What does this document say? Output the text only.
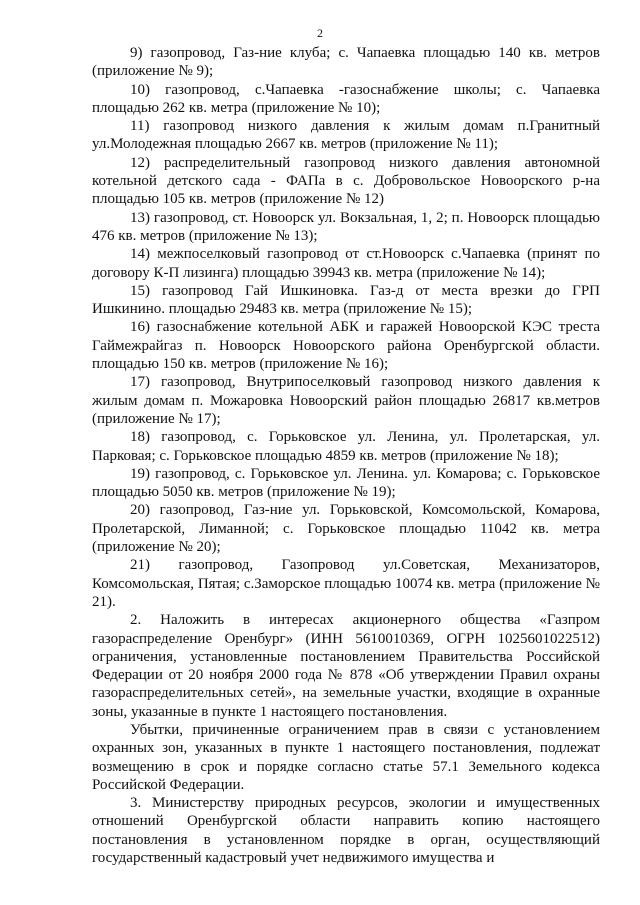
2

9) газопровод, Газ-ние клуба; с. Чапаевка площадью 140 кв. метров (приложение № 9);

10) газопровод, с.Чапаевка -газоснабжение школы; с. Чапаевка площадью 262 кв. метра (приложение № 10);

11) газопровод низкого давления к жилым домам п.Гранитный ул.Молодежная площадью 2667 кв. метров (приложение № 11);

12) распределительный газопровод низкого давления автономной котельной детского сада - ФАПа в с. Добровольское Новоорского р-на площадью 105 кв. метров (приложение № 12)

13) газопровод, ст. Новоорск ул. Вокзальная, 1, 2; п. Новоорск площадью 476 кв. метров (приложение № 13);

14) межпоселковый газопровод от ст.Новоорск с.Чапаевка (принят по договору К-П лизинга) площадью 39943 кв. метра (приложение № 14);

15) газопровод Гай Ишкиновка. Газ-д от места врезки до ГРП Ишкинино. площадью 29483 кв. метра (приложение № 15);

16) газоснабжение котельной АБК и гаражей Новоорской КЭС треста Гаймежрайгаз п. Новоорск Новоорского района Оренбургской области. площадью 150 кв. метров (приложение № 16);

17) газопровод, Внутрипоселковый газопровод низкого давления к жилым домам п. Можаровка Новоорский район площадью 26817 кв.метров (приложение № 17);

18) газопровод, с. Горьковское ул. Ленина, ул. Пролетарская, ул. Парковая; с. Горьковское площадью 4859 кв. метров (приложение № 18);

19) газопровод, с. Горьковское ул. Ленина. ул. Комарова; с. Горьковское площадью 5050 кв. метров (приложение № 19);

20) газопровод, Газ-ние ул. Горьковской, Комсомольской, Комарова, Пролетарской, Лиманной; с. Горьковское площадью 11042 кв. метра (приложение № 20);

21) газопровод, Газопровод ул.Советская, Механизаторов, Комсомольская, Пятая; с.Заморское площадью 10074 кв. метра (приложение № 21).

2. Наложить в интересах акционерного общества «Газпром газораспределение Оренбург» (ИНН 5610010369, ОГРН 1025601022512) ограничения, установленные постановлением Правительства Российской Федерации от 20 ноября 2000 года № 878 «Об утверждении Правил охраны газораспределительных сетей», на земельные участки, входящие в охранные зоны, указанные в пункте 1 настоящего постановления.

Убытки, причиненные ограничением прав в связи с установлением охранных зон, указанных в пункте 1 настоящего постановления, подлежат возмещению в срок и порядке согласно статье 57.1 Земельного кодекса Российской Федерации.

3. Министерству природных ресурсов, экологии и имущественных отношений Оренбургской области направить копию настоящего постановления в установленном порядке в орган, осуществляющий государственный кадастровый учет недвижимого имущества и
